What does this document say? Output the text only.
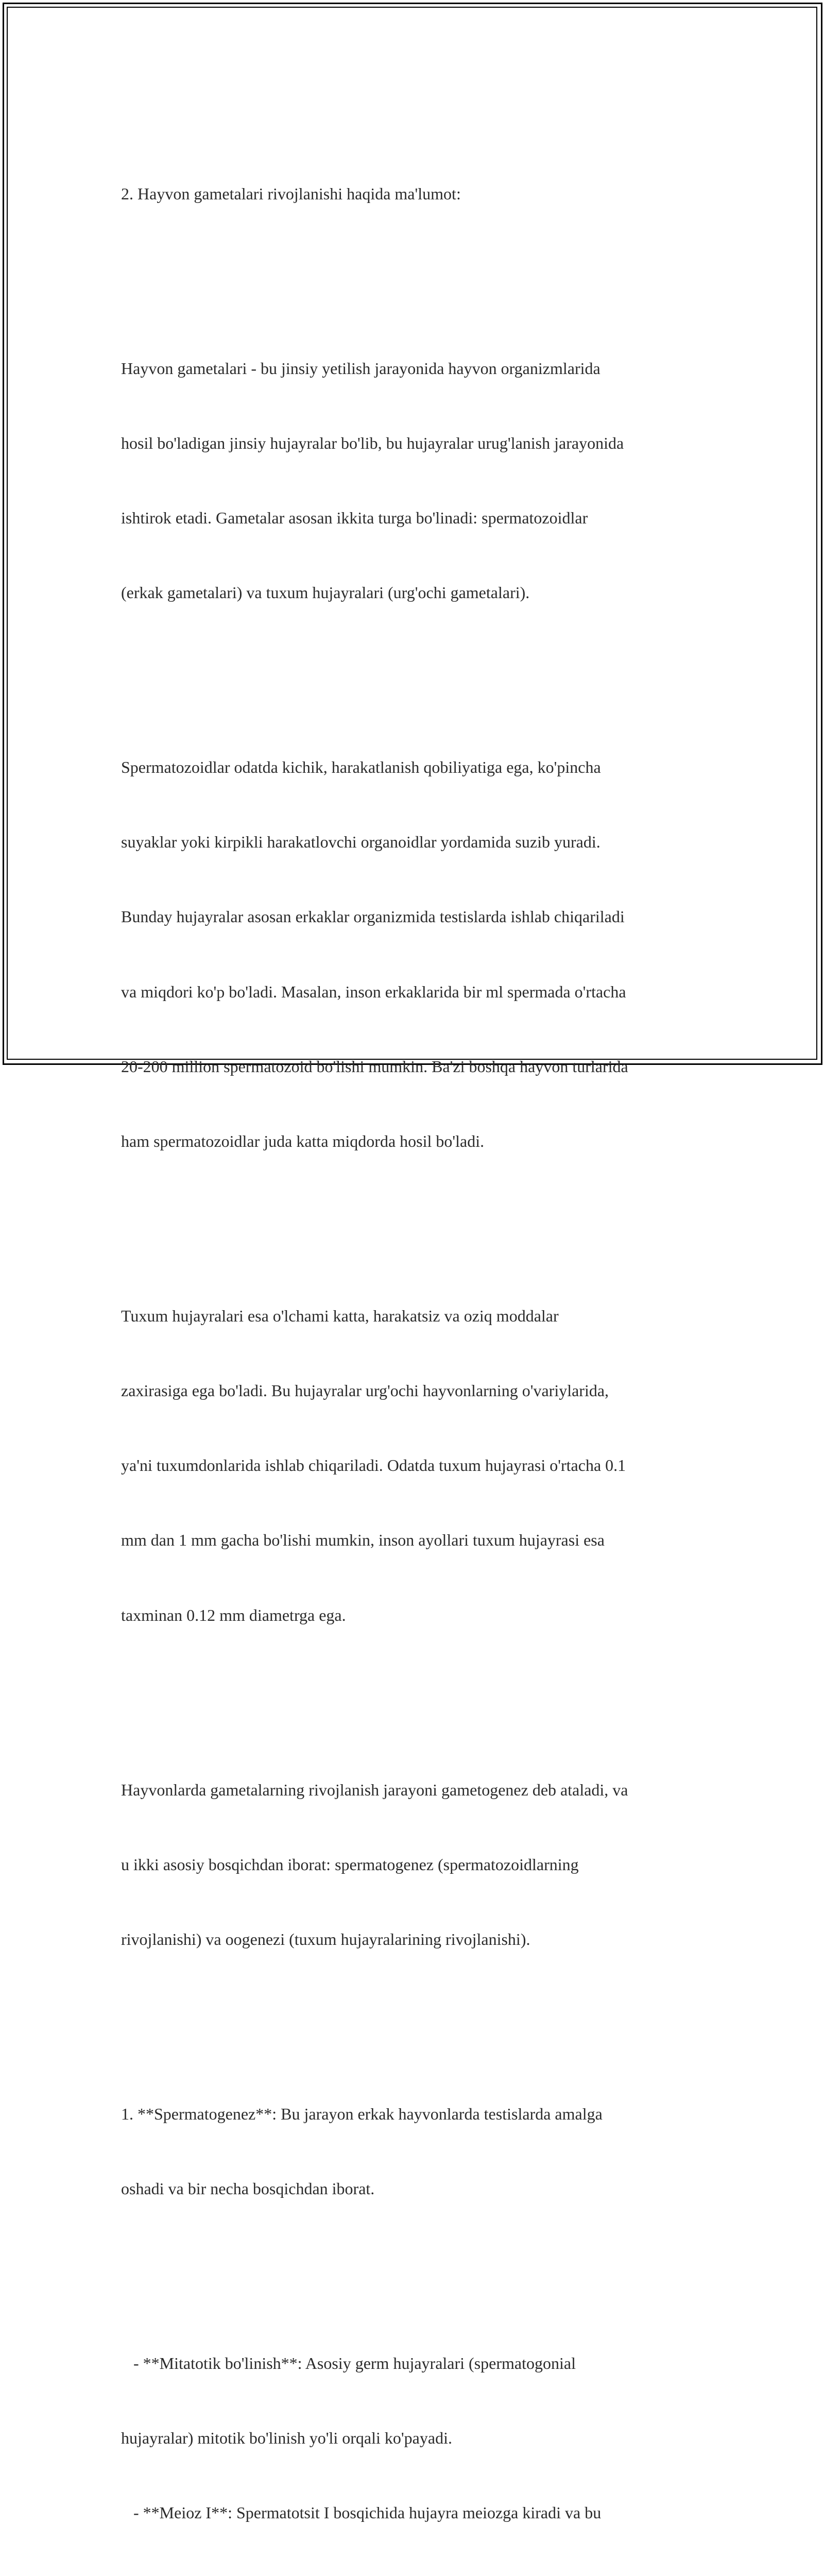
2. Hayvon gametalari rivojlanishi haqida ma'lumot:

Hayvon gametalari - bu jinsiy yetilish jarayonida hayvon organizmlarida

hosil bo'ladigan jinsiy hujayralar bo'lib, bu hujayralar urug'lanish jarayonida

ishtirok etadi. Gametalar asosan ikkita turga bo'linadi: spermatozoidlar

(erkak gametalari) va tuxum hujayralari (urg'ochi gametalari).

Spermatozoidlar odatda kichik, harakatlanish qobiliyatiga ega, ko'pincha

suyaklar yoki kirpikli harakatlovchi organoidlar yordamida suzib yuradi.

Bunday hujayralar asosan erkaklar organizmida testislarda ishlab chiqariladi

va miqdori ko'p bo'ladi. Masalan, inson erkaklarida bir ml spermada o'rtacha

20-200 million spermatozoid bo'lishi mumkin. Ba'zi boshqa hayvon turlarida

ham spermatozoidlar juda katta miqdorda hosil bo'ladi.

Tuxum hujayralari esa o'lchami katta, harakatsiz va oziq moddalar

zaxirasiga ega bo'ladi. Bu hujayralar urg'ochi hayvonlarning o'variylarida,

ya'ni tuxumdonlarida ishlab chiqariladi. Odatda tuxum hujayrasi o'rtacha 0.1

mm dan 1 mm gacha bo'lishi mumkin, inson ayollari tuxum hujayrasi esa

taxminan 0.12 mm diametrga ega.

Hayvonlarda gametalarning rivojlanish jarayoni gametogenez deb ataladi, va

u ikki asosiy bosqichdan iborat: spermatogenez (spermatozoidlarning

rivojlanishi) va oogenezi (tuxum hujayralarining rivojlanishi).

1. **Spermatogenez**: Bu jarayon erkak hayvonlarda testislarda amalga

oshadi va bir necha bosqichdan iborat.

- **Mitatotik bo'linish**: Asosiy germ hujayralari (spermatogonial

hujayralar) mitotik bo'linish yo'li orqali ko'payadi.

- **Meioz I**: Spermatotsit I bosqichida hujayra meiozga kiradi va bu
